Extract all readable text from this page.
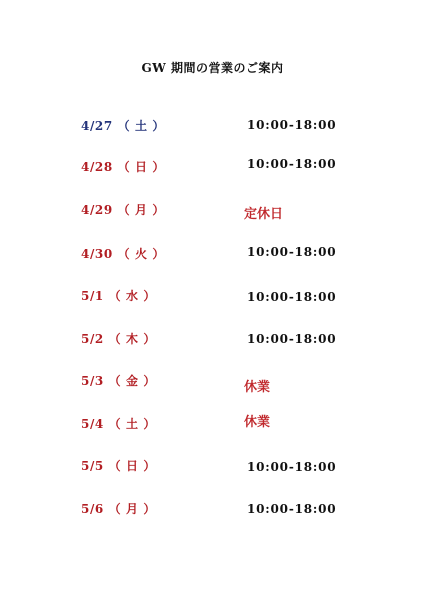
GW 期間の営業のご案内
4/27 （ 土 ）	10:00-18:00
4/28 （ 日 ）	10:00-18:00
4/29 （ 月 ）	定休日
4/30 （ 火 ）	10:00-18:00
5/1 （ 水 ）	10:00-18:00
5/2 （ 木 ）	10:00-18:00
5/3 （ 金 ）	休業
5/4 （ 土 ）	休業
5/5 （ 日 ）	10:00-18:00
5/6 （ 月 ）	10:00-18:00
